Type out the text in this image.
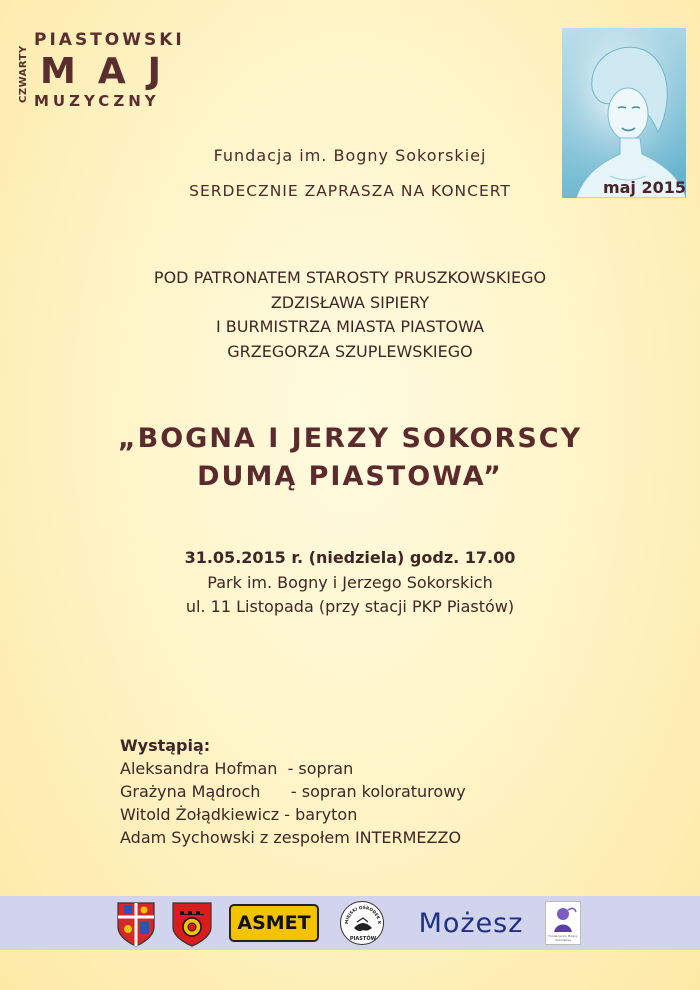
CZWARTY
PIASTOWSKI
MAJ
MUZYCZNY
maj 2015
Fundacja im. Bogny Sokorskiej
SERDECZNIE ZAPRASZA NA KONCERT
POD PATRONATEM STAROSTY PRUSZKOWSKIEGO
ZDZISŁAWA SIPIERY
I BURMISTRZA MIASTA PIASTOWA
GRZEGORZA SZUPLEWSKIEGO
„BOGNA I JERZY SOKORSCY
DUMĄ PIASTOWA”
31.05.2015 r. (niedziela) godz. 17.00
Park im. Bogny i Jerzego Sokorskich
ul. 11 Listopada (przy stacji PKP Piastów)
Wystąpią:
Aleksandra Hofman  - sopran
Grażyna Mądroch      - sopran koloraturowy
Witold Żołądkiewicz - baryton
Adam Sychowski z zespołem INTERMEZZO
ASMET	MIEJSKI OŚRODEK K
PIASTÓW Możesz	Fundacja im. Bogny Sokorskiej
